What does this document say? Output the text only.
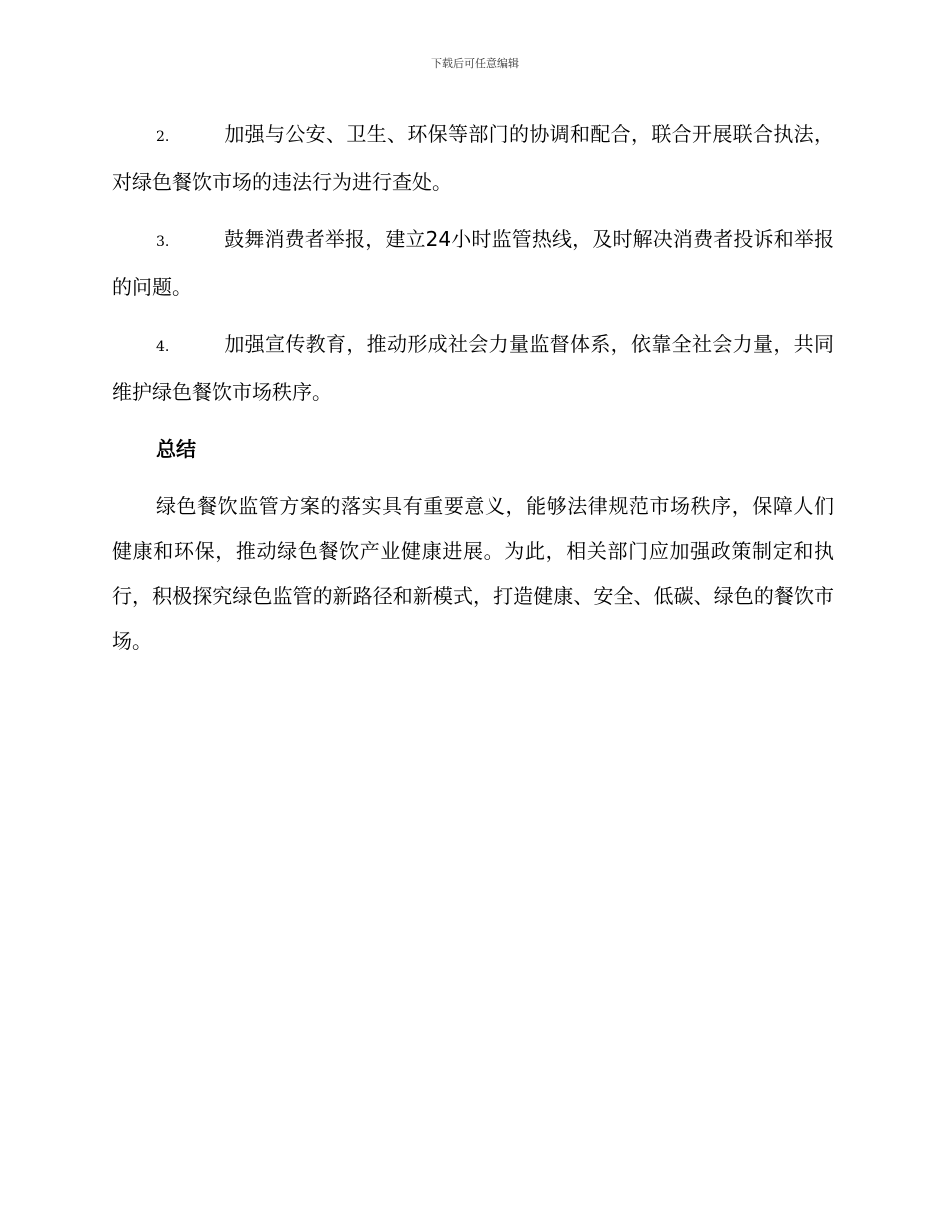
下载后可任意编辑

2.	加强与公安、卫生、环保等部门的协调和配合，联合开展联合执法，对绿色餐饮市场的违法行为进行查处。

3.	鼓舞消费者举报，建立24小时监管热线，及时解决消费者投诉和举报的问题。

4.	加强宣传教育，推动形成社会力量监督体系，依靠全社会力量，共同维护绿色餐饮市场秩序。

总结

绿色餐饮监管方案的落实具有重要意义，能够法律规范市场秩序，保障人们健康和环保，推动绿色餐饮产业健康进展。为此，相关部门应加强政策制定和执行，积极探究绿色监管的新路径和新模式，打造健康、安全、低碳、绿色的餐饮市场。
